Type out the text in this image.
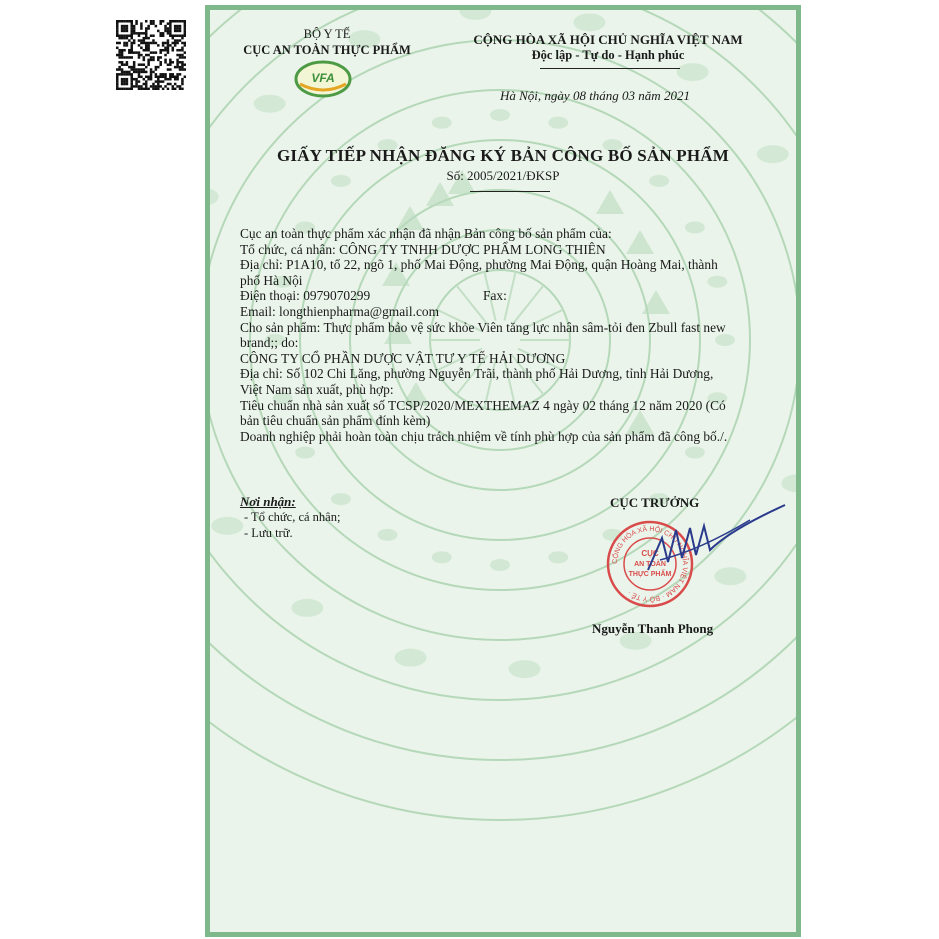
BỘ Y TẾ
CỤC AN TOÀN THỰC PHẨM
VFA
CỘNG HÒA XÃ HỘI CHỦ NGHĨA VIỆT NAM
Độc lập - Tự do - Hạnh phúc
Hà Nội, ngày 08 tháng 03 năm 2021
GIẤY TIẾP NHẬN ĐĂNG KÝ BẢN CÔNG BỐ SẢN PHẨM
Số: 2005/2021/ĐKSP
Cục an toàn thực phẩm xác nhận đã nhận Bản công bố sản phẩm của:
Tổ chức, cá nhân: CÔNG TY TNHH DƯỢC PHẨM LONG THIÊN
Địa chỉ: P1A10, tổ 22, ngõ 1, phố Mai Động, phường Mai Động, quận Hoàng Mai, thành
phố Hà Nội
Điện thoại: 0979070299	Fax:
Email: longthienpharma@gmail.com
Cho sản phẩm: Thực phẩm bảo vệ sức khỏe Viên tăng lực nhân sâm-tỏi đen Zbull fast new
brand;; do:
CÔNG TY CỔ PHẦN DƯỢC VẬT TƯ Y TẾ HẢI DƯƠNG
Địa chỉ: Số 102 Chi Lăng, phường Nguyễn Trãi, thành phố Hải Dương, tỉnh Hải Dương,
Việt Nam sản xuất, phù hợp:
Tiêu chuẩn nhà sản xuất số TCSP/2020/MEXTHEMAZ 4 ngày 02 tháng 12 năm 2020 (Có
bản tiêu chuẩn sản phẩm đính kèm)
Doanh nghiệp phải hoàn toàn chịu trách nhiệm về tính phù hợp của sản phẩm đã công bố./.
Nơi nhận:
- Tổ chức, cá nhân;
- Lưu trữ.
CỤC TRƯỞNG
Nguyễn Thanh Phong
CỘNG HÒA XÃ HỘI CHỦ NGHĨA VIỆT NAM · BỘ Y TẾ ·
CỤC
AN TOÀN
THỰC PHẨM
